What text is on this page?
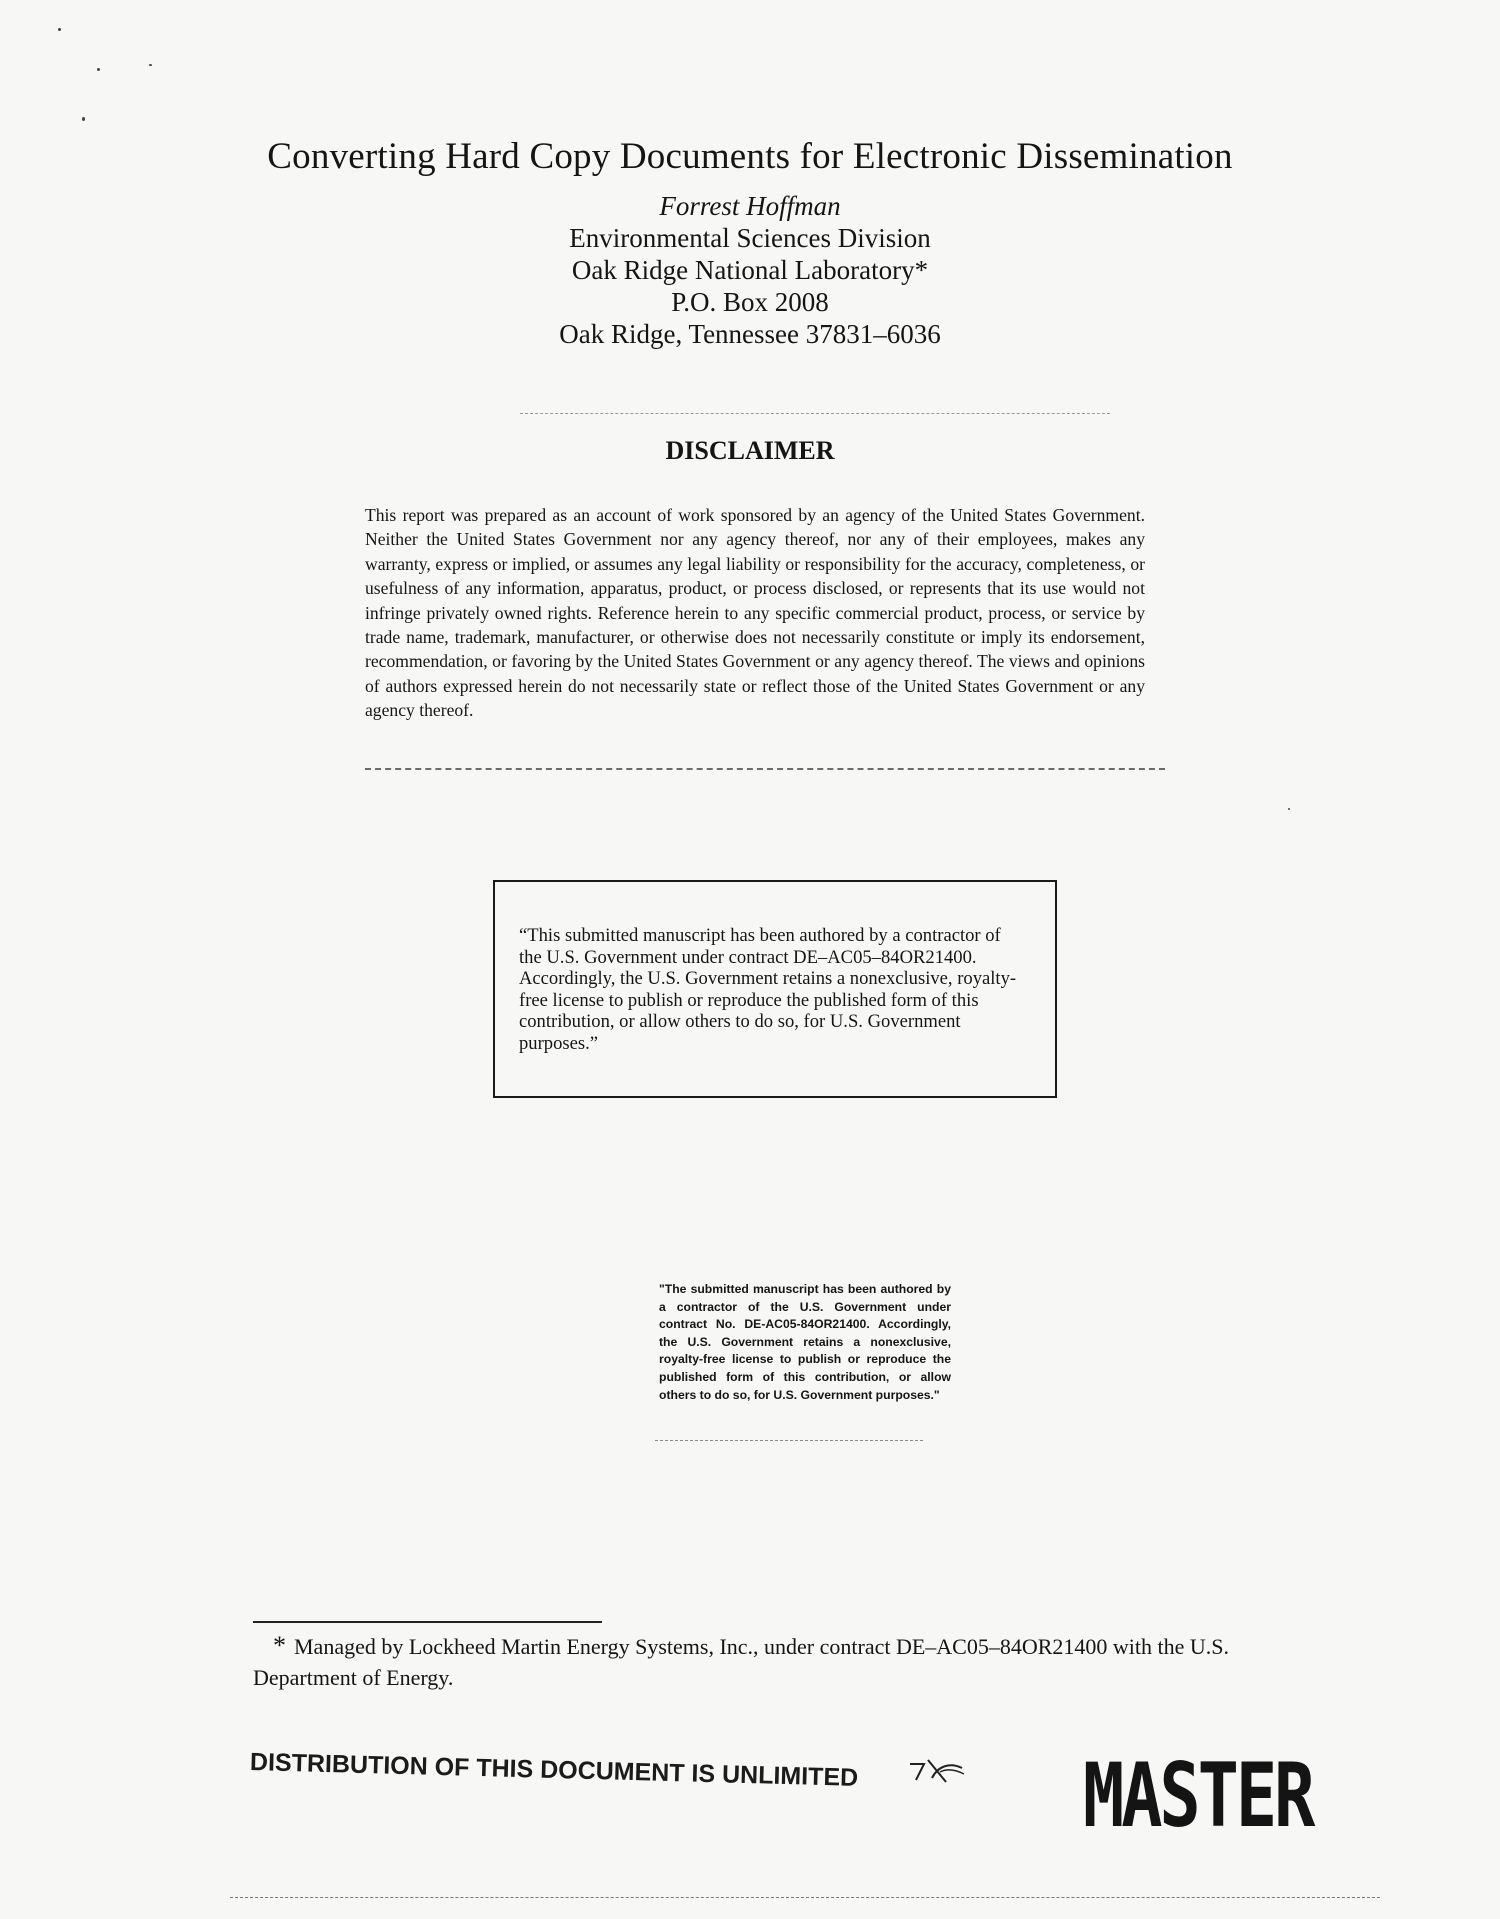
Converting Hard Copy Documents for Electronic Dissemination
Forrest Hoffman
Environmental Sciences Division
Oak Ridge National Laboratory*
P.O. Box 2008
Oak Ridge, Tennessee 37831–6036
DISCLAIMER
This report was prepared as an account of work sponsored by an agency of the United States Government. Neither the United States Government nor any agency thereof, nor any of their employees, makes any warranty, express or implied, or assumes any legal liability or responsibility for the accuracy, completeness, or usefulness of any information, apparatus, product, or process disclosed, or represents that its use would not infringe privately owned rights. Reference herein to any specific commercial product, process, or service by trade name, trademark, manufacturer, or otherwise does not necessarily constitute or imply its endorsement, recommendation, or favoring by the United States Government or any agency thereof. The views and opinions of authors expressed herein do not necessarily state or reflect those of the United States Government or any agency thereof.
“This submitted manuscript has been authored by a contractor of the U.S. Government under contract DE–AC05–84OR21400. Accordingly, the U.S. Government retains a nonexclusive, royalty-free license to publish or reproduce the published form of this contribution, or allow others to do so, for U.S. Government purposes.”
"The submitted manuscript has been authored by a contractor of the U.S. Government under contract No. DE-AC05-84OR21400. Accordingly, the U.S. Government retains a nonexclusive, royalty-free license to publish or reproduce the published form of this contribution, or allow others to do so, for U.S. Government purposes."
* Managed by Lockheed Martin Energy Systems, Inc., under contract DE–AC05–84OR21400 with the U.S. Department of Energy.
DISTRIBUTION OF THIS DOCUMENT IS UNLIMITED	MASTER
